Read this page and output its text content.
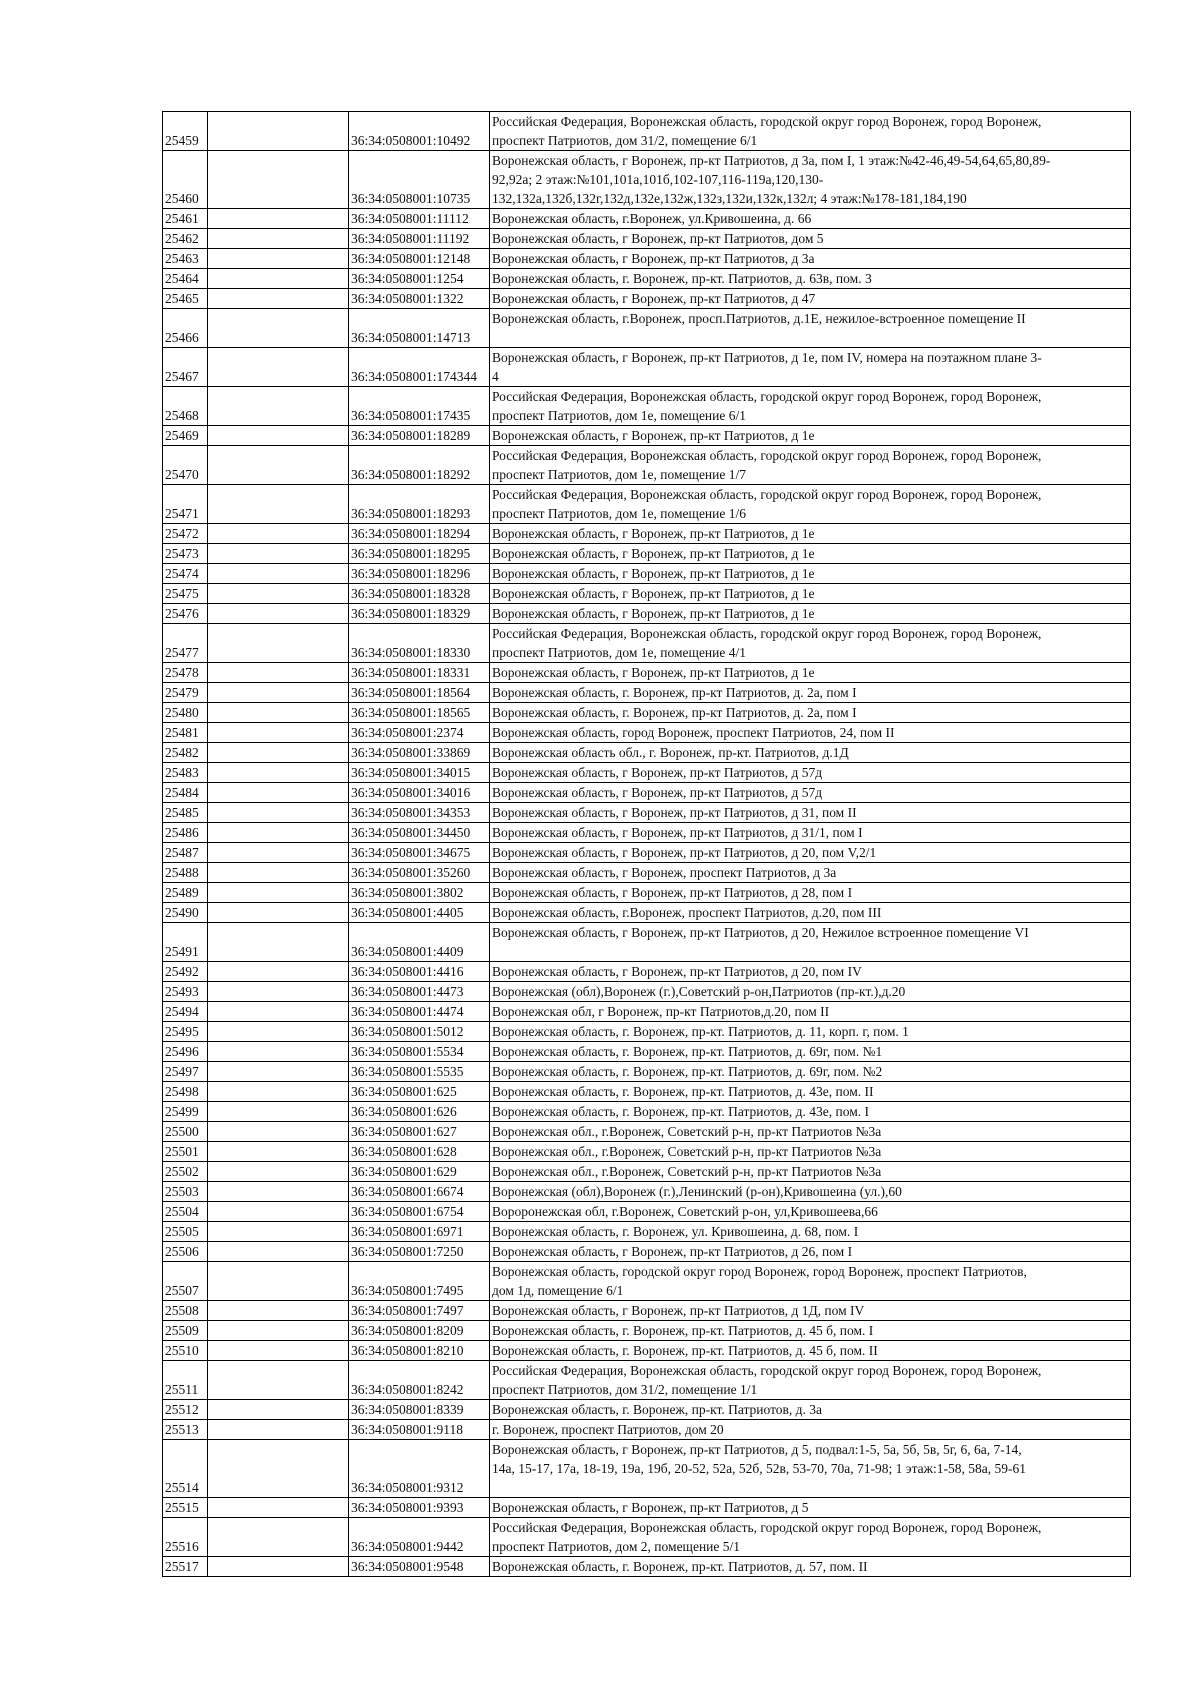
25459		36:34:0508001:10492	Российская Федерация, Воронежская область, городской округ город Воронеж, город Воронеж,
проспект Патриотов, дом 31/2, помещение 6/1

25460		36:34:0508001:10735	Воронежская область, г Воронеж, пр-кт Патриотов, д 3а, пом I, 1 этаж:№42-46,49-54,64,65,80,89-
92,92а; 2 этаж:№101,101а,101б,102-107,116-119а,120,130-
132,132а,132б,132г,132д,132е,132ж,132з,132и,132к,132л; 4 этаж:№178-181,184,190

25461		36:34:0508001:11112	Воронежская область, г.Воронеж, ул.Кривошеина, д. 66

25462		36:34:0508001:11192	Воронежская область, г Воронеж, пр-кт Патриотов, дом 5

25463		36:34:0508001:12148	Воронежская область, г Воронеж, пр-кт Патриотов, д 3а

25464		36:34:0508001:1254	Воронежская область, г. Воронеж, пр-кт. Патриотов, д. 63в, пом. 3

25465		36:34:0508001:1322	Воронежская область, г Воронеж, пр-кт Патриотов, д 47

25466		36:34:0508001:14713	Воронежская область, г.Воронеж, просп.Патриотов, д.1Е, нежилое-встроенное помещение II

25467		36:34:0508001:174344	Воронежская область, г Воронеж, пр-кт Патриотов, д 1е, пом IV, номера на поэтажном плане 3-
4

25468		36:34:0508001:17435	Российская Федерация, Воронежская область, городской округ город Воронеж, город Воронеж,
проспект Патриотов, дом 1е, помещение 6/1

25469		36:34:0508001:18289	Воронежская область, г Воронеж, пр-кт Патриотов, д 1е

25470		36:34:0508001:18292	Российская Федерация, Воронежская область, городской округ город Воронеж, город Воронеж,
проспект Патриотов, дом 1е, помещение 1/7

25471		36:34:0508001:18293	Российская Федерация, Воронежская область, городской округ город Воронеж, город Воронеж,
проспект Патриотов, дом 1е, помещение 1/6

25472		36:34:0508001:18294	Воронежская область, г Воронеж, пр-кт Патриотов, д 1е

25473		36:34:0508001:18295	Воронежская область, г Воронеж, пр-кт Патриотов, д 1е

25474		36:34:0508001:18296	Воронежская область, г Воронеж, пр-кт Патриотов, д 1е

25475		36:34:0508001:18328	Воронежская область, г Воронеж, пр-кт Патриотов, д 1е

25476		36:34:0508001:18329	Воронежская область, г Воронеж, пр-кт Патриотов, д 1е

25477		36:34:0508001:18330	Российская Федерация, Воронежская область, городской округ город Воронеж, город Воронеж,
проспект Патриотов, дом 1е, помещение 4/1

25478		36:34:0508001:18331	Воронежская область, г Воронеж, пр-кт Патриотов, д 1е

25479		36:34:0508001:18564	Воронежская область, г. Воронеж, пр-кт Патриотов, д. 2а, пом I

25480		36:34:0508001:18565	Воронежская область, г. Воронеж, пр-кт Патриотов, д. 2а, пом I

25481		36:34:0508001:2374	Воронежская область, город Воронеж, проспект Патриотов, 24, пом II

25482		36:34:0508001:33869	Воронежская область обл., г. Воронеж, пр-кт. Патриотов, д.1Д

25483		36:34:0508001:34015	Воронежская область, г Воронеж, пр-кт Патриотов, д 57д

25484		36:34:0508001:34016	Воронежская область, г Воронеж, пр-кт Патриотов, д 57д

25485		36:34:0508001:34353	Воронежская область, г Воронеж, пр-кт Патриотов, д 31, пом II

25486		36:34:0508001:34450	Воронежская область, г Воронеж, пр-кт Патриотов, д 31/1, пом I

25487		36:34:0508001:34675	Воронежская область, г Воронеж, пр-кт Патриотов, д 20, пом V,2/1

25488		36:34:0508001:35260	Воронежская область, г Воронеж, проспект Патриотов, д 3а

25489		36:34:0508001:3802	Воронежская область, г Воронеж, пр-кт Патриотов, д 28, пом I

25490		36:34:0508001:4405	Воронежская область, г.Воронеж, проспект Патриотов, д.20, пом III

25491		36:34:0508001:4409	Воронежская область, г Воронеж, пр-кт Патриотов, д 20, Нежилое встроенное помещение VI

25492		36:34:0508001:4416	Воронежская область, г Воронеж, пр-кт Патриотов, д 20, пом IV

25493		36:34:0508001:4473	Воронежская (обл),Воронеж (г.),Советский р-он,Патриотов (пр-кт.),д.20

25494		36:34:0508001:4474	Воронежская обл, г Воронеж, пр-кт Патриотов,д.20, пом II

25495		36:34:0508001:5012	Воронежская область, г. Воронеж, пр-кт. Патриотов, д. 11, корп. г, пом. 1

25496		36:34:0508001:5534	Воронежская область, г. Воронеж, пр-кт. Патриотов, д. 69г, пом. №1

25497		36:34:0508001:5535	Воронежская область, г. Воронеж, пр-кт. Патриотов, д. 69г, пом. №2

25498		36:34:0508001:625	Воронежская область, г. Воронеж, пр-кт. Патриотов, д. 43е, пом. II

25499		36:34:0508001:626	Воронежская область, г. Воронеж, пр-кт. Патриотов, д. 43е, пом. I

25500		36:34:0508001:627	Воронежская обл., г.Воронеж, Советский р-н, пр-кт Патриотов №3а

25501		36:34:0508001:628	Воронежская обл., г.Воронеж, Советский р-н, пр-кт Патриотов №3а

25502		36:34:0508001:629	Воронежская обл., г.Воронеж, Советский р-н, пр-кт Патриотов №3а

25503		36:34:0508001:6674	Воронежская (обл),Воронеж (г.),Ленинский (р-он),Кривошеина (ул.),60

25504		36:34:0508001:6754	Вороронежская обл, г.Воронеж, Советский р-он, ул,Кривошеева,66

25505		36:34:0508001:6971	Воронежская область, г. Воронеж, ул. Кривошеина, д. 68, пом. I

25506		36:34:0508001:7250	Воронежская область, г Воронеж, пр-кт Патриотов, д 26, пом I

25507		36:34:0508001:7495	Воронежская область, городской округ город Воронеж, город Воронеж, проспект Патриотов,
дом 1д, помещение 6/1

25508		36:34:0508001:7497	Воронежская область, г Воронеж, пр-кт Патриотов, д 1Д, пом IV

25509		36:34:0508001:8209	Воронежская область, г. Воронеж, пр-кт. Патриотов, д. 45 б, пом. I

25510		36:34:0508001:8210	Воронежская область, г. Воронеж, пр-кт. Патриотов, д. 45 б, пом. II

25511		36:34:0508001:8242	Российская Федерация, Воронежская область, городской округ город Воронеж, город Воронеж,
проспект Патриотов, дом 31/2, помещение 1/1

25512		36:34:0508001:8339	Воронежская область, г. Воронеж, пр-кт. Патриотов, д. 3а

25513		36:34:0508001:9118	г. Воронеж, проспект Патриотов, дом 20

25514		36:34:0508001:9312	Воронежская область, г Воронеж, пр-кт Патриотов, д 5, подвал:1-5, 5а, 5б, 5в, 5г, 6, 6а, 7-14,
14а, 15-17, 17а, 18-19, 19а, 19б, 20-52, 52а, 52б, 52в, 53-70, 70а, 71-98; 1 этаж:1-58, 58а, 59-61

25515		36:34:0508001:9393	Воронежская область, г Воронеж, пр-кт Патриотов, д 5

25516		36:34:0508001:9442	Российская Федерация, Воронежская область, городской округ город Воронеж, город Воронеж,
проспект Патриотов, дом 2, помещение 5/1

25517		36:34:0508001:9548	Воронежская область, г. Воронеж, пр-кт. Патриотов, д. 57, пом. II
